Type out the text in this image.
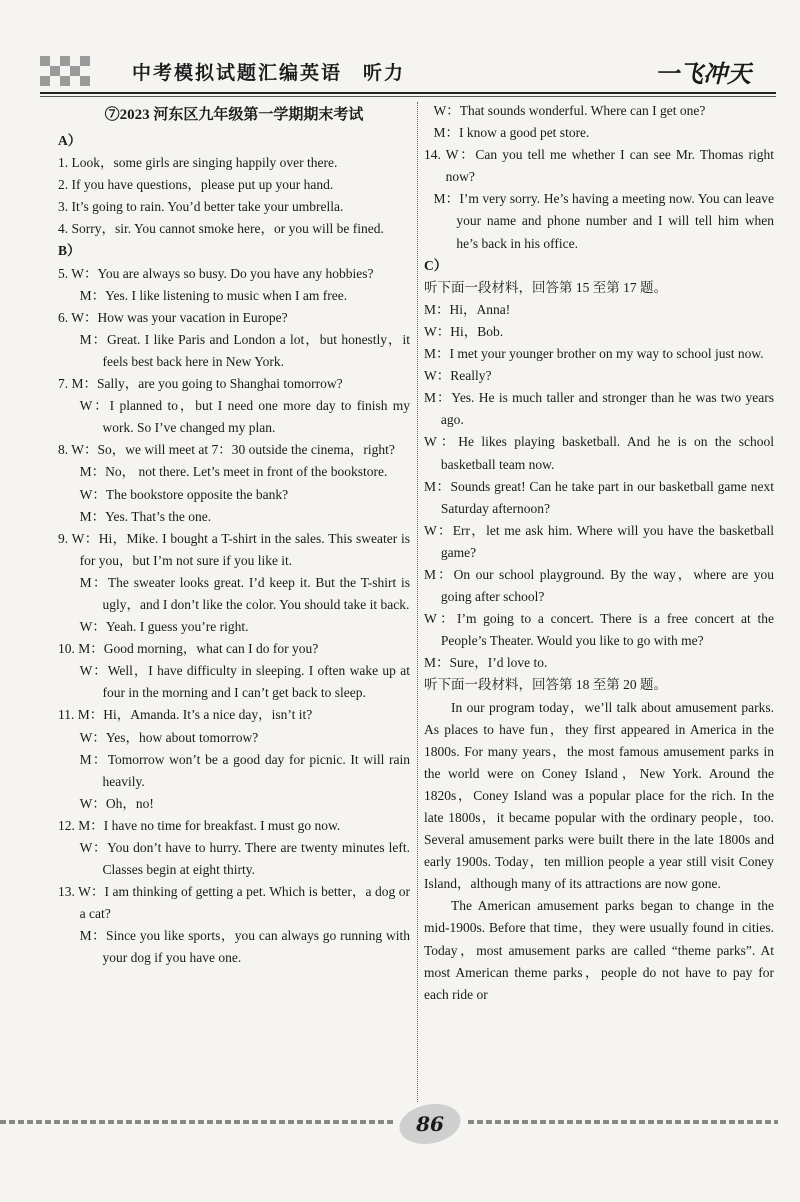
中考模拟试题汇编英语　听力	一飞冲天
⑦2023 河东区九年级第一学期期末考试
A）
1. Look，some girls are singing happily over there.
2. If you have questions，please put up your hand.
3. It’s going to rain. You’d better take your umbrella.
4. Sorry，sir. You cannot smoke here，or you will be fined.
B）
5. W：You are always so busy. Do you have any hobbies?
M：Yes. I like listening to music when I am free.
6. W：How was your vacation in Europe?
M：Great. I like Paris and London a lot，but honestly，it feels best back here in New York.
7. M：Sally，are you going to Shanghai tomorrow?
W：I planned to，but I need one more day to finish my work. So I’ve changed my plan.
8. W：So，we will meet at 7：30 outside the cinema，right?
M：No， not there. Let’s meet in front of the bookstore.
W：The bookstore opposite the bank?
M：Yes. That’s the one.
9. W：Hi，Mike. I bought a T-shirt in the sales. This sweater is for you，but I’m not sure if you like it.
M：The sweater looks great. I’d keep it. But the T-shirt is ugly，and I don’t like the color. You should take it back.
W：Yeah. I guess you’re right.
10. M：Good morning，what can I do for you?
W：Well，I have difficulty in sleeping. I often wake up at four in the morning and I can’t get back to sleep.
11. M：Hi，Amanda. It’s a nice day，isn’t it?
W：Yes，how about tomorrow?
M：Tomorrow won’t be a good day for picnic. It will rain heavily.
W：Oh，no!
12. M：I have no time for breakfast. I must go now.
W：You don’t have to hurry. There are twenty minutes left. Classes begin at eight thirty.
13. W：I am thinking of getting a pet. Which is better，a dog or a cat?
M：Since you like sports，you can always go running with your dog if you have one.
W：That sounds wonderful. Where can I get one?
M：I know a good pet store.
14. W：Can you tell me whether I can see Mr. Thomas right now?
M：I’m very sorry. He’s having a meeting now. You can leave your name and phone number and I will tell him when he’s back in his office.
C）
听下面一段材料，回答第 15 至第 17 题。
M：Hi，Anna!
W：Hi，Bob.
M：I met your younger brother on my way to school just now.
W：Really?
M：Yes. He is much taller and stronger than he was two years ago.
W：He likes playing basketball. And he is on the school basketball team now.
M：Sounds great! Can he take part in our basketball game next Saturday afternoon?
W：Err，let me ask him. Where will you have the basketball game?
M：On our school playground. By the way，where are you going after school?
W：I’m going to a concert. There is a free concert at the People’s Theater. Would you like to go with me?
M：Sure，I’d love to.
听下面一段材料，回答第 18 至第 20 题。
In our program today，we’ll talk about amusement parks. As places to have fun，they first appeared in America in the 1800s. For many years，the most famous amusement parks in the world were on Coney Island，New York. Around the 1820s，Coney Island was a popular place for the rich. In the late 1800s，it became popular with the ordinary people，too. Several amusement parks were built there in the late 1800s and early 1900s. Today，ten million people a year still visit Coney Island，although many of its attractions are now gone.
The American amusement parks began to change in the mid-1900s. Before that time，they were usually found in cities. Today，most amusement parks are called “theme parks”. At most American theme parks，people do not have to pay for each ride or
86
